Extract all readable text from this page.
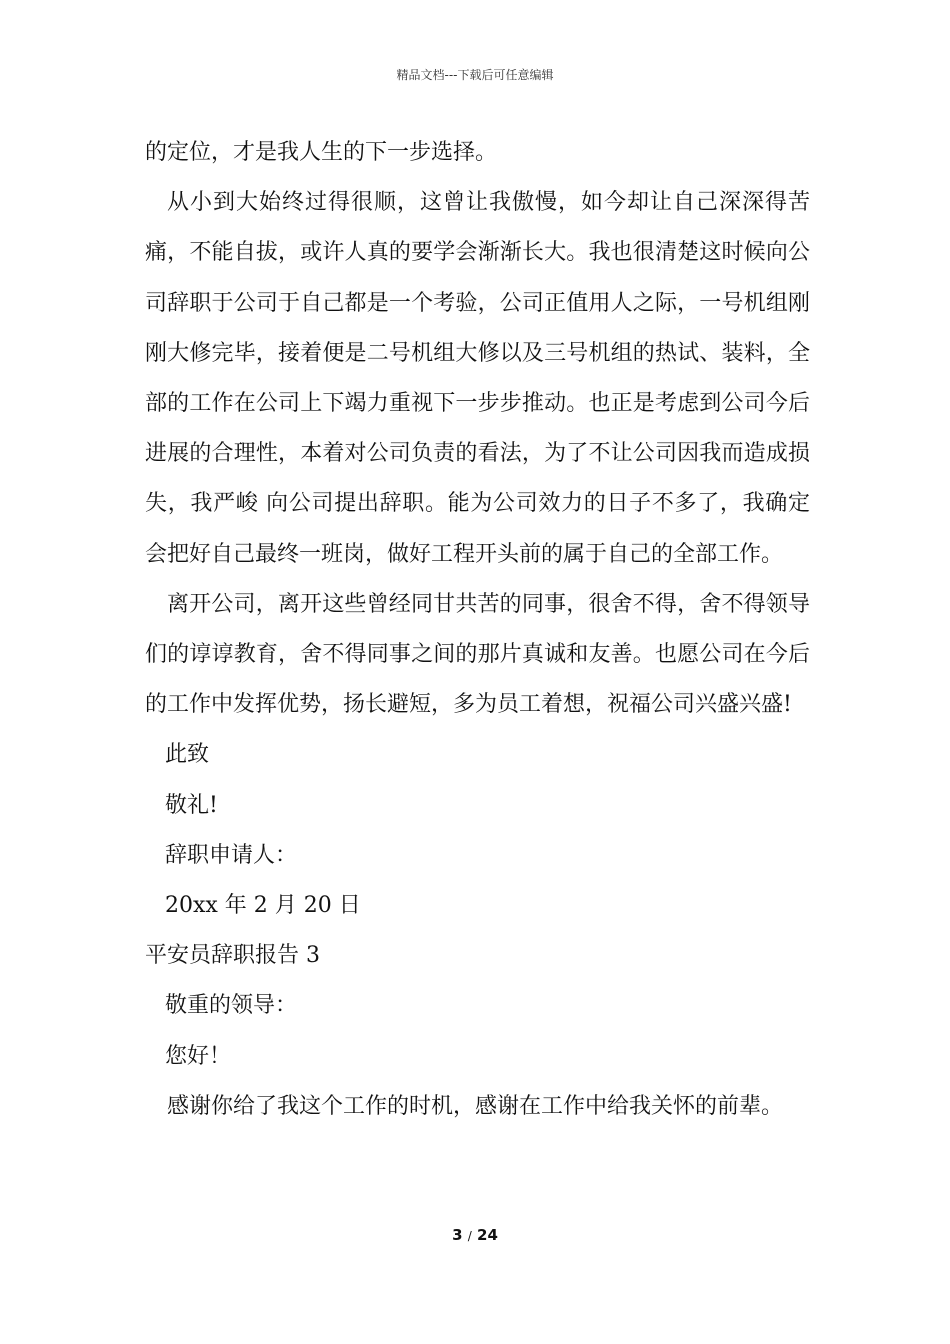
精品文档---下载后可任意编辑

的定位，才是我人生的下一步选择。

从小到大始终过得很顺，这曾让我傲慢，如今却让自己深深得苦痛，不能自拔，或许人真的要学会渐渐长大。我也很清楚这时候向公司辞职于公司于自己都是一个考验，公司正值用人之际，一号机组刚刚大修完毕，接着便是二号机组大修以及三号机组的热试、装料，全部的工作在公司上下竭力重视下一步步推动。也正是考虑到公司今后进展的合理性，本着对公司负责的看法，为了不让公司因我而造成损失，我严峻 向公司提出辞职。能为公司效力的日子不多了，我确定会把好自己最终一班岗，做好工程开头前的属于自己的全部工作。

离开公司，离开这些曾经同甘共苦的同事，很舍不得，舍不得领导们的谆谆教育，舍不得同事之间的那片真诚和友善。也愿公司在今后的工作中发挥优势，扬长避短，多为员工着想，祝福公司兴盛兴盛!

此致

敬礼!

辞职申请人：

20xx 年 2 月 20 日

平安员辞职报告 3

敬重的领导：

您好！

感谢你给了我这个工作的时机，感谢在工作中给我关怀的前辈。

3 / 24
